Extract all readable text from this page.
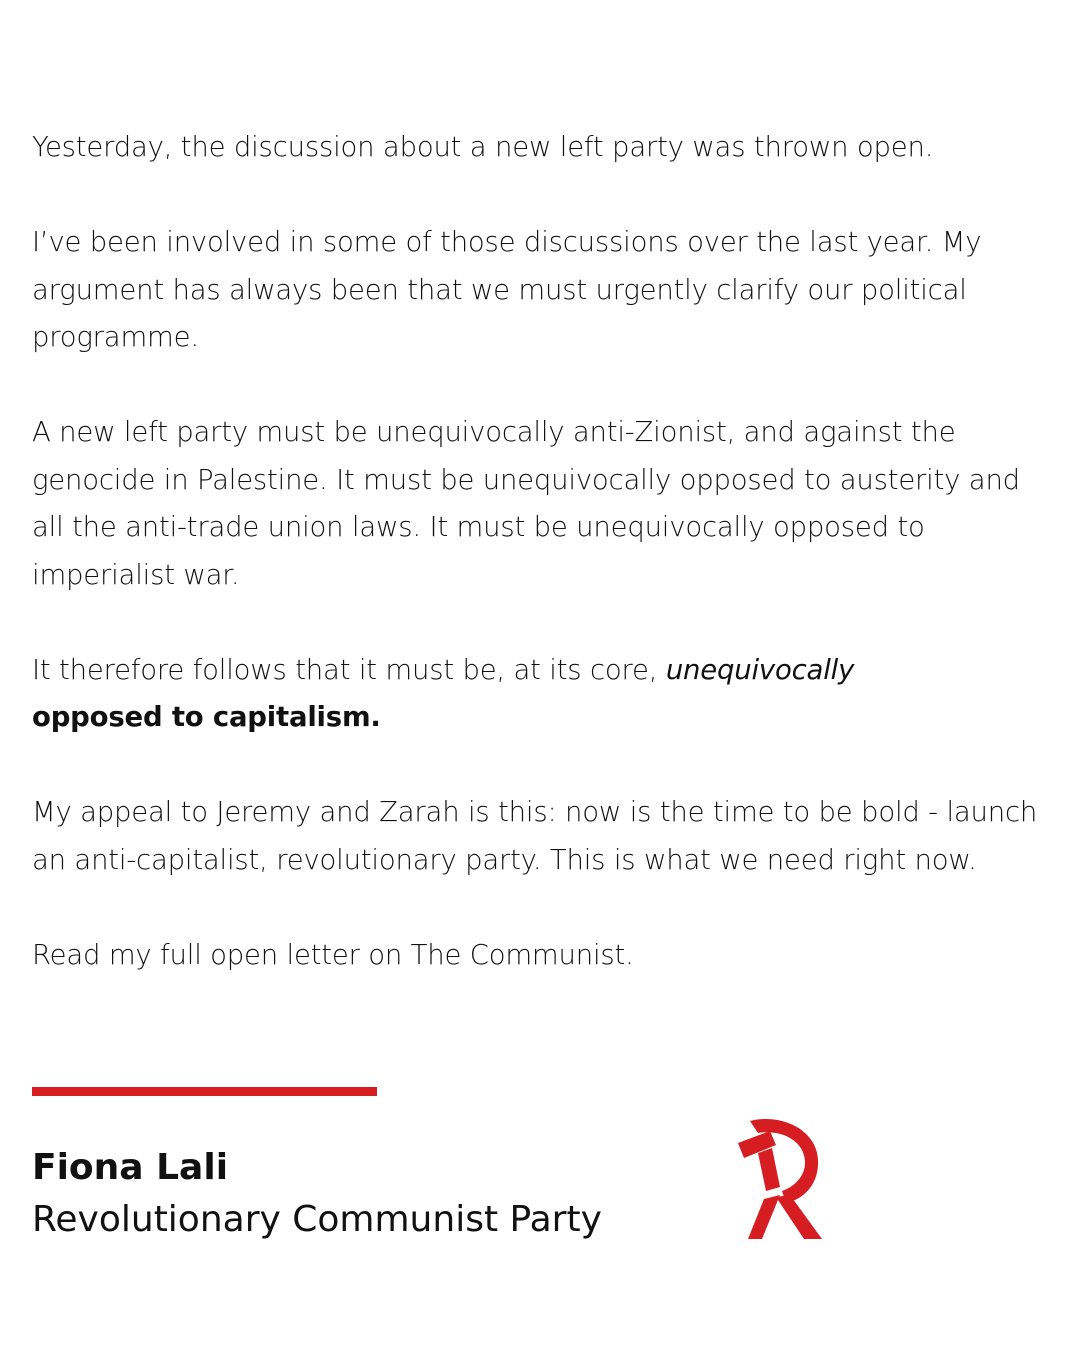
Yesterday, the discussion about a new left party was thrown open.

I’ve been involved in some of those discussions over the last year. My argument has always been that we must urgently clarify our political programme.

A new left party must be unequivocally anti-Zionist, and against the genocide in Palestine. It must be unequivocally opposed to austerity and all the anti-trade union laws. It must be unequivocally opposed to imperialist war.

It therefore follows that it must be, at its core, unequivocally
opposed to capitalism.

My appeal to Jeremy and Zarah is this: now is the time to be bold - launch an anti-capitalist, revolutionary party. This is what we need right now.

Read my full open letter on The Communist.

Fiona Lali
Revolutionary Communist Party
